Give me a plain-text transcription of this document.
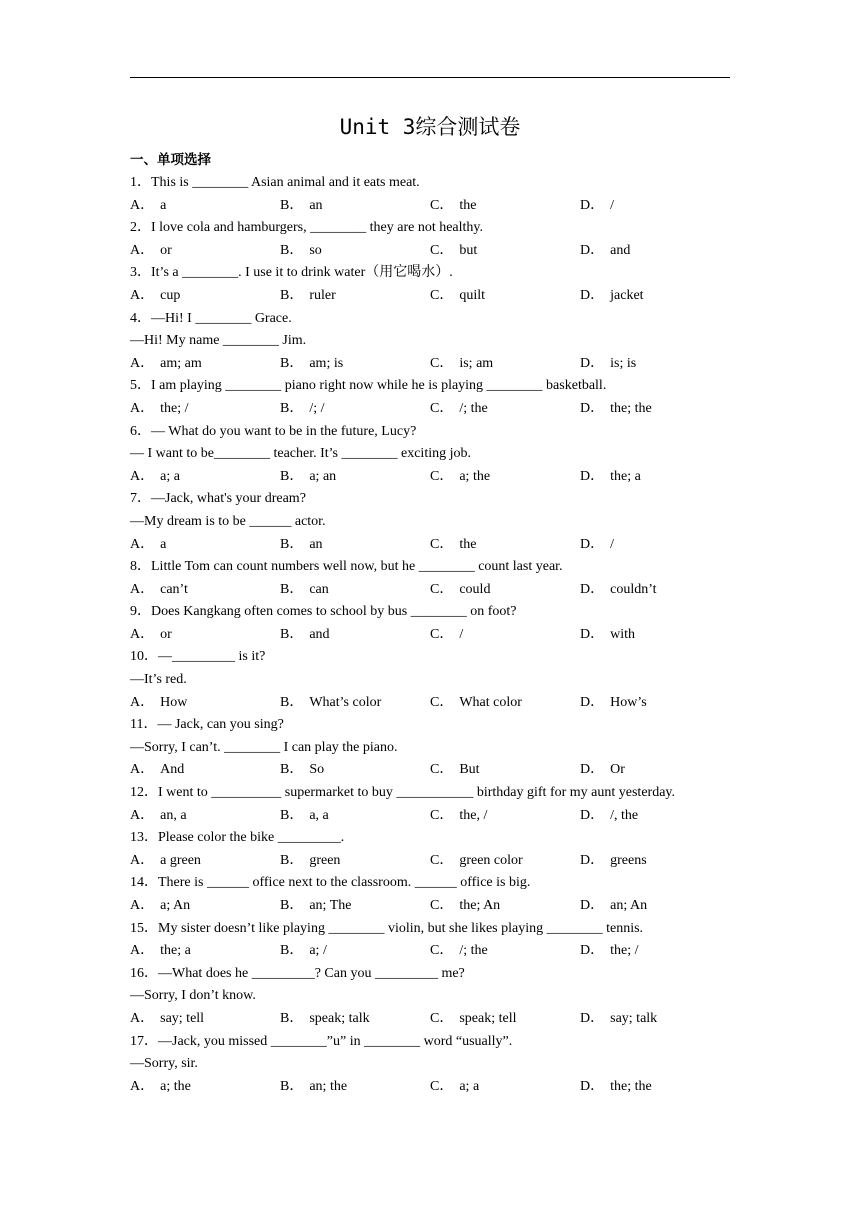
Unit 3综合测试卷
一、单项选择
1．This is ________ Asian animal and it eats meat.
A． a	B． an	C． the	D． /
2．I love cola and hamburgers, ________ they are not healthy.
A． or	B． so	C． but	D． and
3．It’s a ________. I use it to drink water（用它喝水）.
A． cup	B． ruler	C． quilt	D． jacket
4．—Hi! I ________ Grace.
—Hi! My name ________ Jim.
A． am; am	B． am; is	C． is; am	D． is; is
5．I am playing ________ piano right now while he is playing ________ basketball.
A． the; /	B． /; /	C． /; the	D． the; the
6．— What do you want to be in the future, Lucy?
— I want to be________ teacher. It’s ________ exciting job.
A． a; a	B． a; an	C． a; the	D． the; a
7．—Jack, what's your dream?
—My dream is to be ______ actor.
A． a	B． an	C． the	D． /
8．Little Tom can count numbers well now, but he ________ count last year.
A． can’t	B． can	C． could	D． couldn’t
9．Does Kangkang often comes to school by bus ________ on foot?
A． or	B． and	C． /	D． with
10．—_________ is it?
—It’s red.
A． How	B． What’s color	C． What color	D． How’s
11．— Jack, can you sing?
—Sorry, I can’t. ________ I can play the piano.
A． And	B． So	C． But	D． Or
12．I went to __________ supermarket to buy ___________ birthday gift for my aunt yesterday.
A． an, a	B． a, a	C． the, /	D． /, the
13．Please color the bike _________.
A． a green	B． green	C． green color	D． greens
14．There is ______ office next to the classroom. ______ office is big.
A． a; An	B． an; The	C． the; An	D． an; An
15．My sister doesn’t like playing ________ violin, but she likes playing ________ tennis.
A． the; a	B． a; /	C． /; the	D． the; /
16．—What does he _________? Can you _________ me?
—Sorry, I don’t know.
A． say; tell	B． speak; talk	C． speak; tell	D． say; talk
17．—Jack, you missed ________”u” in ________ word “usually”.
—Sorry, sir.
A． a; the	B． an; the	C． a; a	D． the; the
